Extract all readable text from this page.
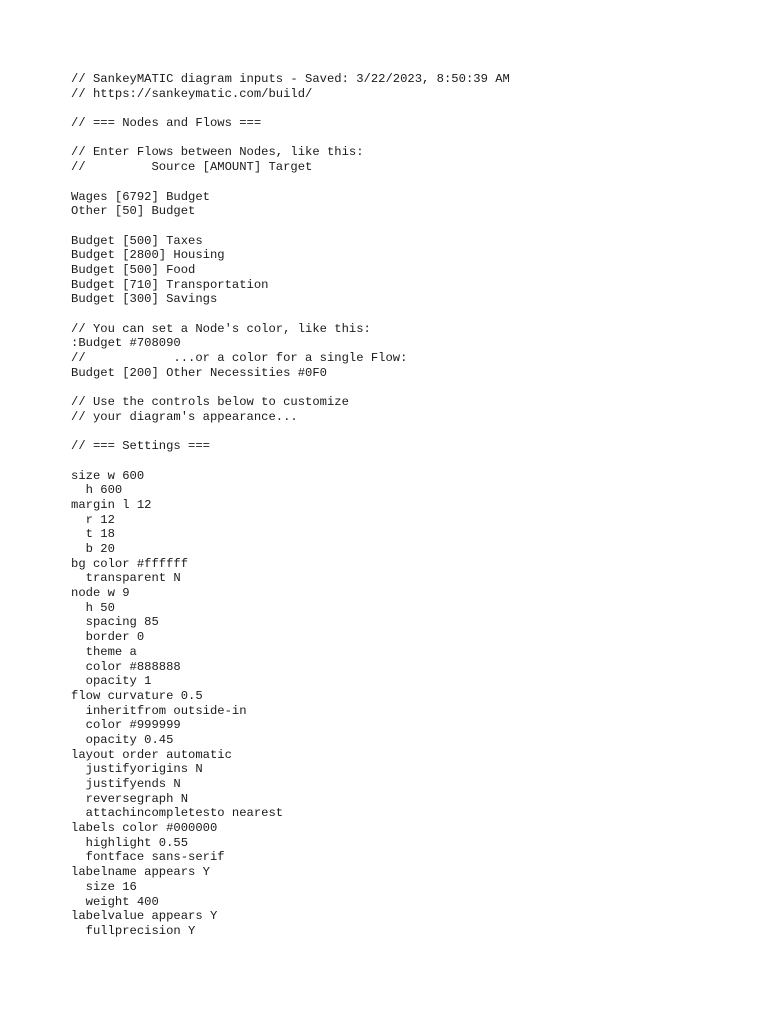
// SankeyMATIC diagram inputs - Saved: 3/22/2023, 8:50:39 AM
// https://sankeymatic.com/build/
// === Nodes and Flows ===
// Enter Flows between Nodes, like this:
//         Source [AMOUNT] Target
Wages [6792] Budget
Other [50] Budget
Budget [500] Taxes
Budget [2800] Housing
Budget [500] Food
Budget [710] Transportation
Budget [300] Savings
// You can set a Node's color, like this:
:Budget #708090
//            ...or a color for a single Flow:
Budget [200] Other Necessities #0F0
// Use the controls below to customize
// your diagram's appearance...
// === Settings ===
size w 600
h 600
margin l 12
r 12
t 18
b 20
bg color #ffffff
transparent N
node w 9
h 50
spacing 85
border 0
theme a
color #888888
opacity 1
flow curvature 0.5
inheritfrom outside-in
color #999999
opacity 0.45
layout order automatic
justifyorigins N
justifyends N
reversegraph N
attachincompletesto nearest
labels color #000000
highlight 0.55
fontface sans-serif
labelname appears Y
size 16
weight 400
labelvalue appears Y
fullprecision Y
